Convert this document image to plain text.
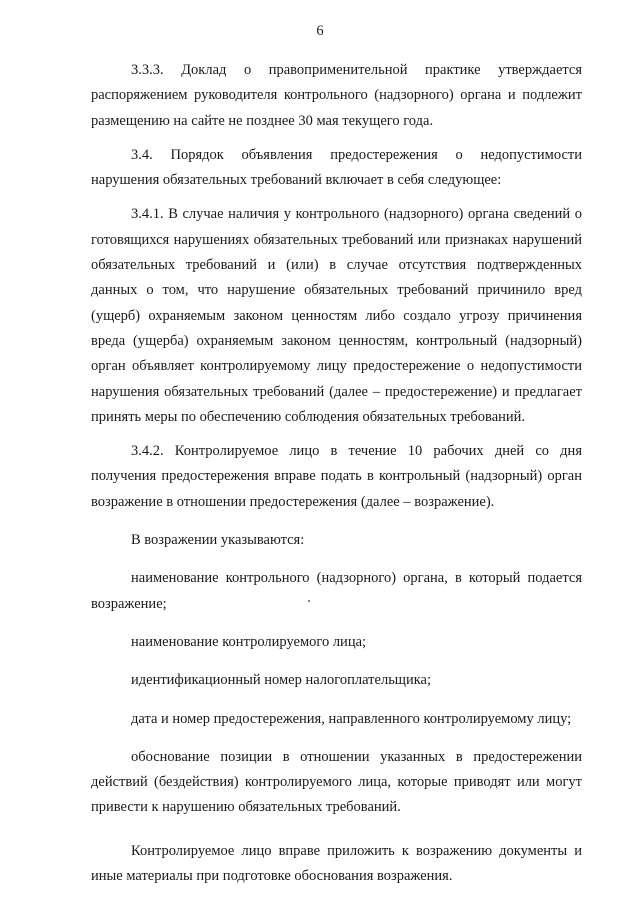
6

3.3.3. Доклад о правоприменительной практике утверждается распоряжением руководителя контрольного (надзорного) органа и подлежит размещению на сайте не позднее 30 мая текущего года.

3.4. Порядок объявления предостережения о недопустимости нарушения обязательных требований включает в себя следующее:

3.4.1. В случае наличия у контрольного (надзорного) органа сведений о готовящихся нарушениях обязательных требований или признаках нарушений обязательных требований и (или) в случае отсутствия подтвержденных данных о том, что нарушение обязательных требований причинило вред (ущерб) охраняемым законом ценностям либо создало угрозу причинения вреда (ущерба) охраняемым законом ценностям, контрольный (надзорный) орган объявляет контролируемому лицу предостережение о недопустимости нарушения обязательных требований (далее – предостережение) и предлагает принять меры по обеспечению соблюдения обязательных требований.

3.4.2. Контролируемое лицо в течение 10 рабочих дней со дня получения предостережения вправе подать в контрольный (надзорный) орган возражение в отношении предостережения (далее – возражение).

В возражении указываются:

наименование контрольного (надзорного) органа, в который подается возражение;

наименование контролируемого лица;

идентификационный номер налогоплательщика;

дата и номер предостережения, направленного контролируемому лицу;

обоснование позиции в отношении указанных в предостережении действий (бездействия) контролируемого лица, которые приводят или могут привести к нарушению обязательных требований.

Контролируемое лицо вправе приложить к возражению документы и иные материалы при подготовке обоснования возражения.
